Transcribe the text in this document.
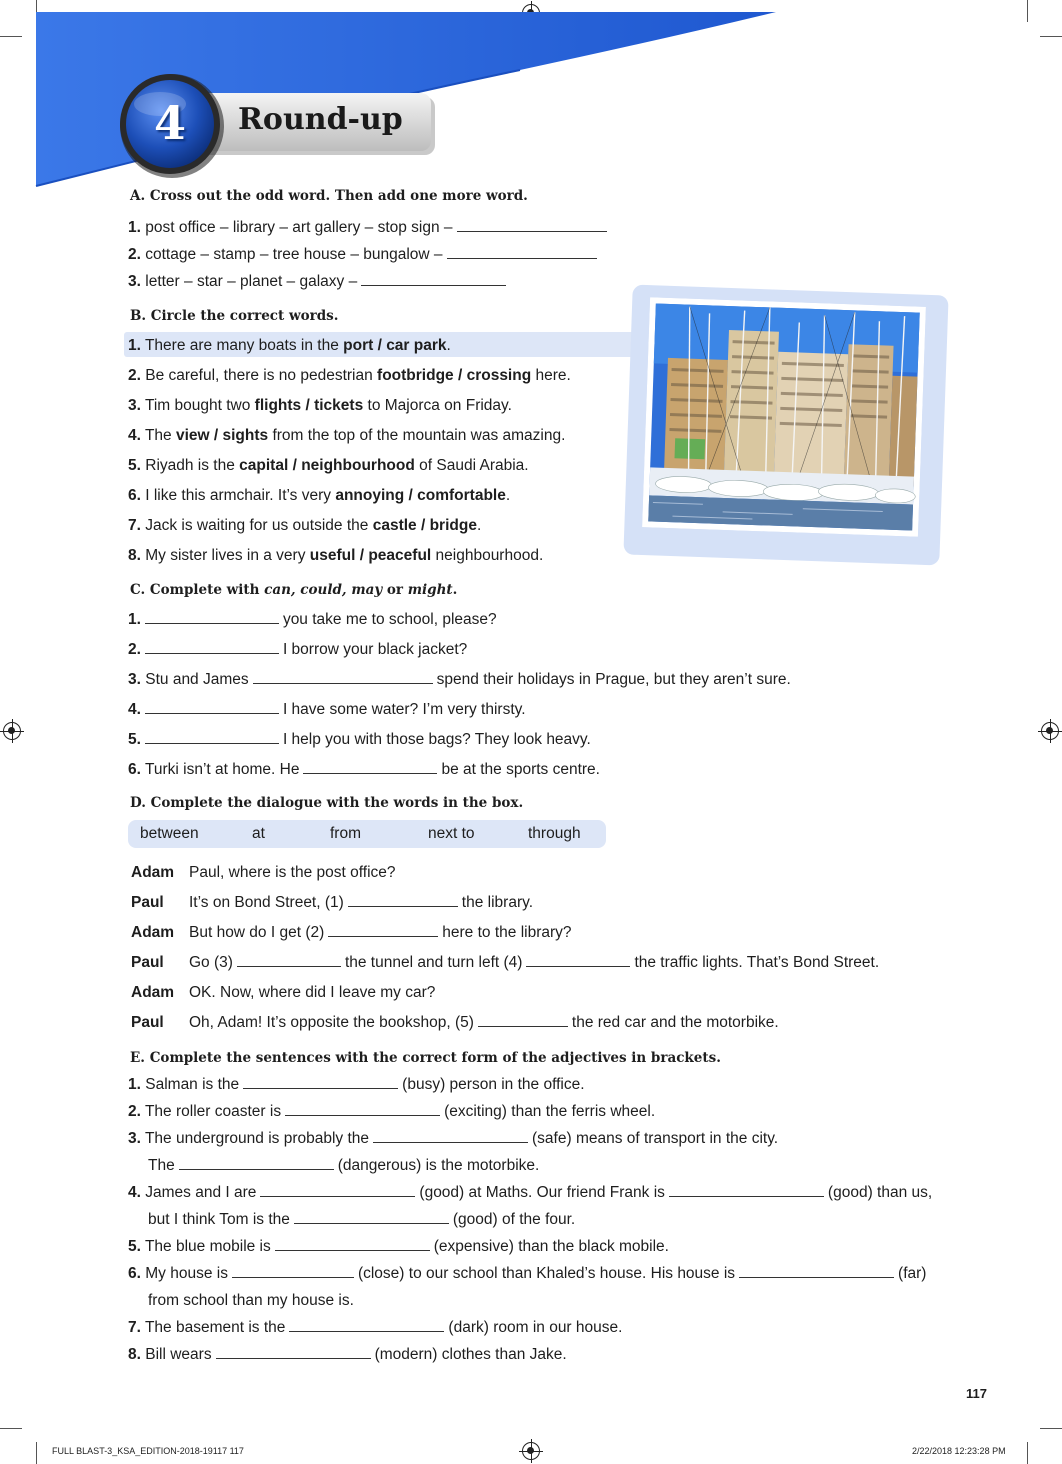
4	Round-up
A. Cross out the odd word. Then add one more word.
1. post office – library – art gallery – stop sign –
2. cottage – stamp – tree house – bungalow –
3. letter – star – planet – galaxy –
B. Circle the correct words.
1. There are many boats in the port / car park.
2. Be careful, there is no pedestrian footbridge / crossing here.
3. Tim bought two flights / tickets to Majorca on Friday.
4. The view / sights from the top of the mountain was amazing.
5. Riyadh is the capital / neighbourhood of Saudi Arabia.
6. I like this armchair. It’s very annoying / comfortable.
7. Jack is waiting for us outside the castle / bridge.
8. My sister lives in a very useful / peaceful neighbourhood.
C. Complete with can, could, may or might.
1.	you take me to school, please?
2.	I borrow your black jacket?
3. Stu and James	spend their holidays in Prague, but they aren’t sure.
4.	I have some water? I’m very thirsty.
5.	I help you with those bags? They look heavy.
6. Turki isn’t at home. He	be at the sports centre.
D. Complete the dialogue with the words in the box.
between	at	from	next to	through
Adam Paul, where is the post office?
Paul It’s on Bond Street, (1)	the library.
Adam But how do I get (2)	here to the library?
Paul Go (3)	the tunnel and turn left (4)	the traffic lights. That’s Bond Street.
Adam OK. Now, where did I leave my car?
Paul Oh, Adam! It’s opposite the bookshop, (5)	the red car and the motorbike.
E. Complete the sentences with the correct form of the adjectives in brackets.
1. Salman is the	(busy) person in the office.
2. The roller coaster is	(exciting) than the ferris wheel.
3. The underground is probably the	(safe) means of transport in the city.
The	(dangerous) is the motorbike.
4. James and I are	(good) at Maths. Our friend Frank is	(good) than us,
but I think Tom is the	(good) of the four.
5. The blue mobile is	(expensive) than the black mobile.
6. My house is	(close) to our school than Khaled’s house. His house is	(far)
from school than my house is.
7. The basement is the	(dark) room in our house.
8. Bill wears	(modern) clothes than Jake.
117
FULL BLAST-3_KSA_EDITION-2018-19117 117	2/22/2018 12:23:28 PM
